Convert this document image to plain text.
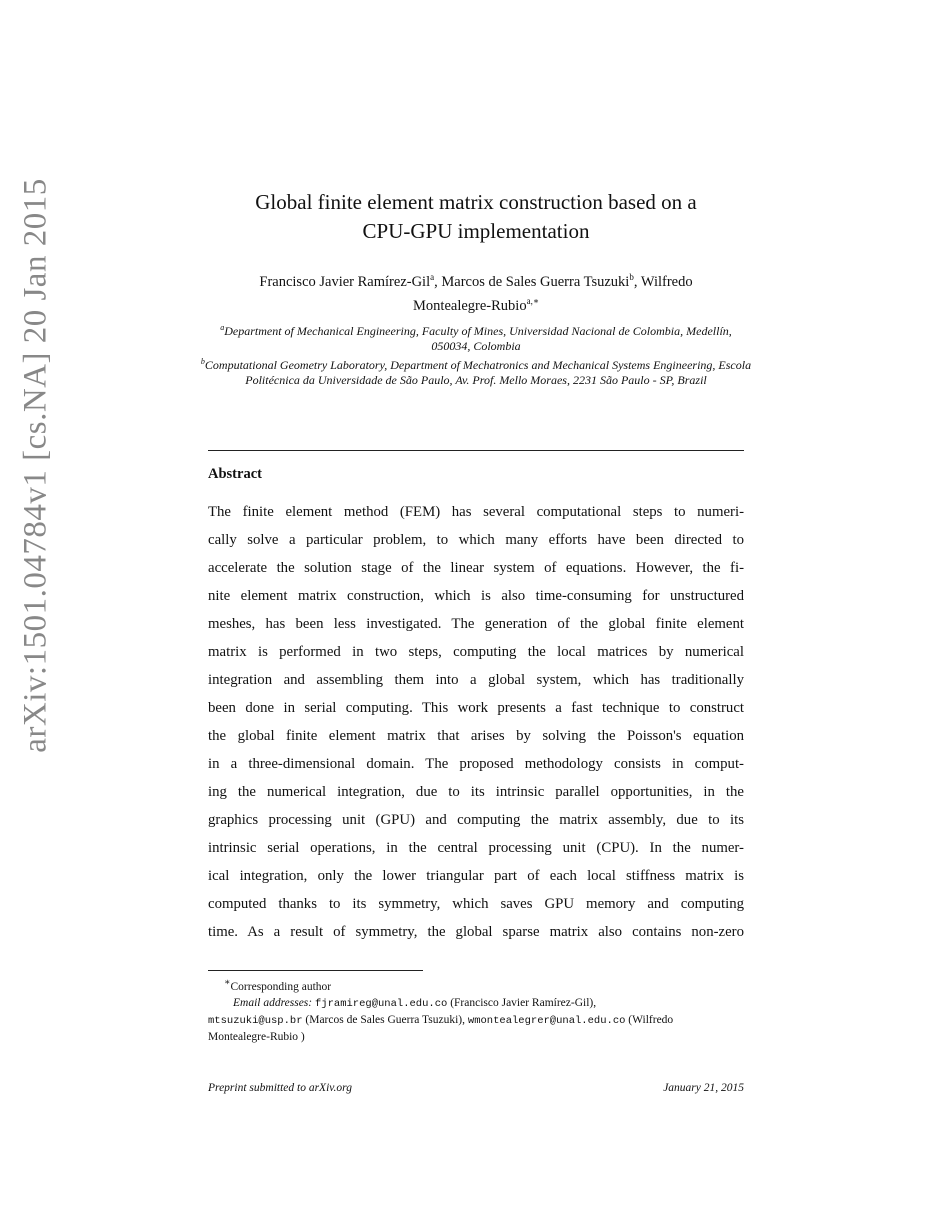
arXiv:1501.04784v1 [cs.NA] 20 Jan 2015	Global finite element matrix construction based on a
CPU-GPU implementation
Francisco Javier Ramírez-Gil$^a$, Marcos de Sales Guerra Tsuzuki$^b$, Wilfredo
Montealegre-Rubio$^{a,∗}$

$^a$Department of Mechanical Engineering, Faculty of Mines, Universidad Nacional de Colombia, Medellín, 050034, Colombia

$^b$Computational Geometry Laboratory, Department of Mechatronics and Mechanical Systems Engineering, Escola Politécnica da Universidade de São Paulo, Av. Prof. Mello Moraes, 2231 São Paulo - SP, Brazil

Abstract
The finite element method (FEM) has several computational steps to numeri-
cally solve a particular problem, to which many efforts have been directed to
accelerate the solution stage of the linear system of equations. However, the fi-
nite element matrix construction, which is also time-consuming for unstructured
meshes, has been less investigated. The generation of the global finite element
matrix is performed in two steps, computing the local matrices by numerical
integration and assembling them into a global system, which has traditionally
been done in serial computing. This work presents a fast technique to construct
the global finite element matrix that arises by solving the Poisson's equation
in a three-dimensional domain. The proposed methodology consists in comput-
ing the numerical integration, due to its intrinsic parallel opportunities, in the
graphics processing unit (GPU) and computing the matrix assembly, due to its
intrinsic serial operations, in the central processing unit (CPU). In the numer-
ical integration, only the lower triangular part of each local stiffness matrix is
computed thanks to its symmetry, which saves GPU memory and computing
time. As a result of symmetry, the global sparse matrix also contains non-zero
∗Corresponding author
Email addresses: fjramireg@unal.edu.co (Francisco Javier Ramírez-Gil),
mtsuzuki@usp.br (Marcos de Sales Guerra Tsuzuki), wmontealegrer@unal.edu.co (Wilfredo
Montealegre-Rubio )
Preprint submitted to arXiv.org	January 21, 2015
